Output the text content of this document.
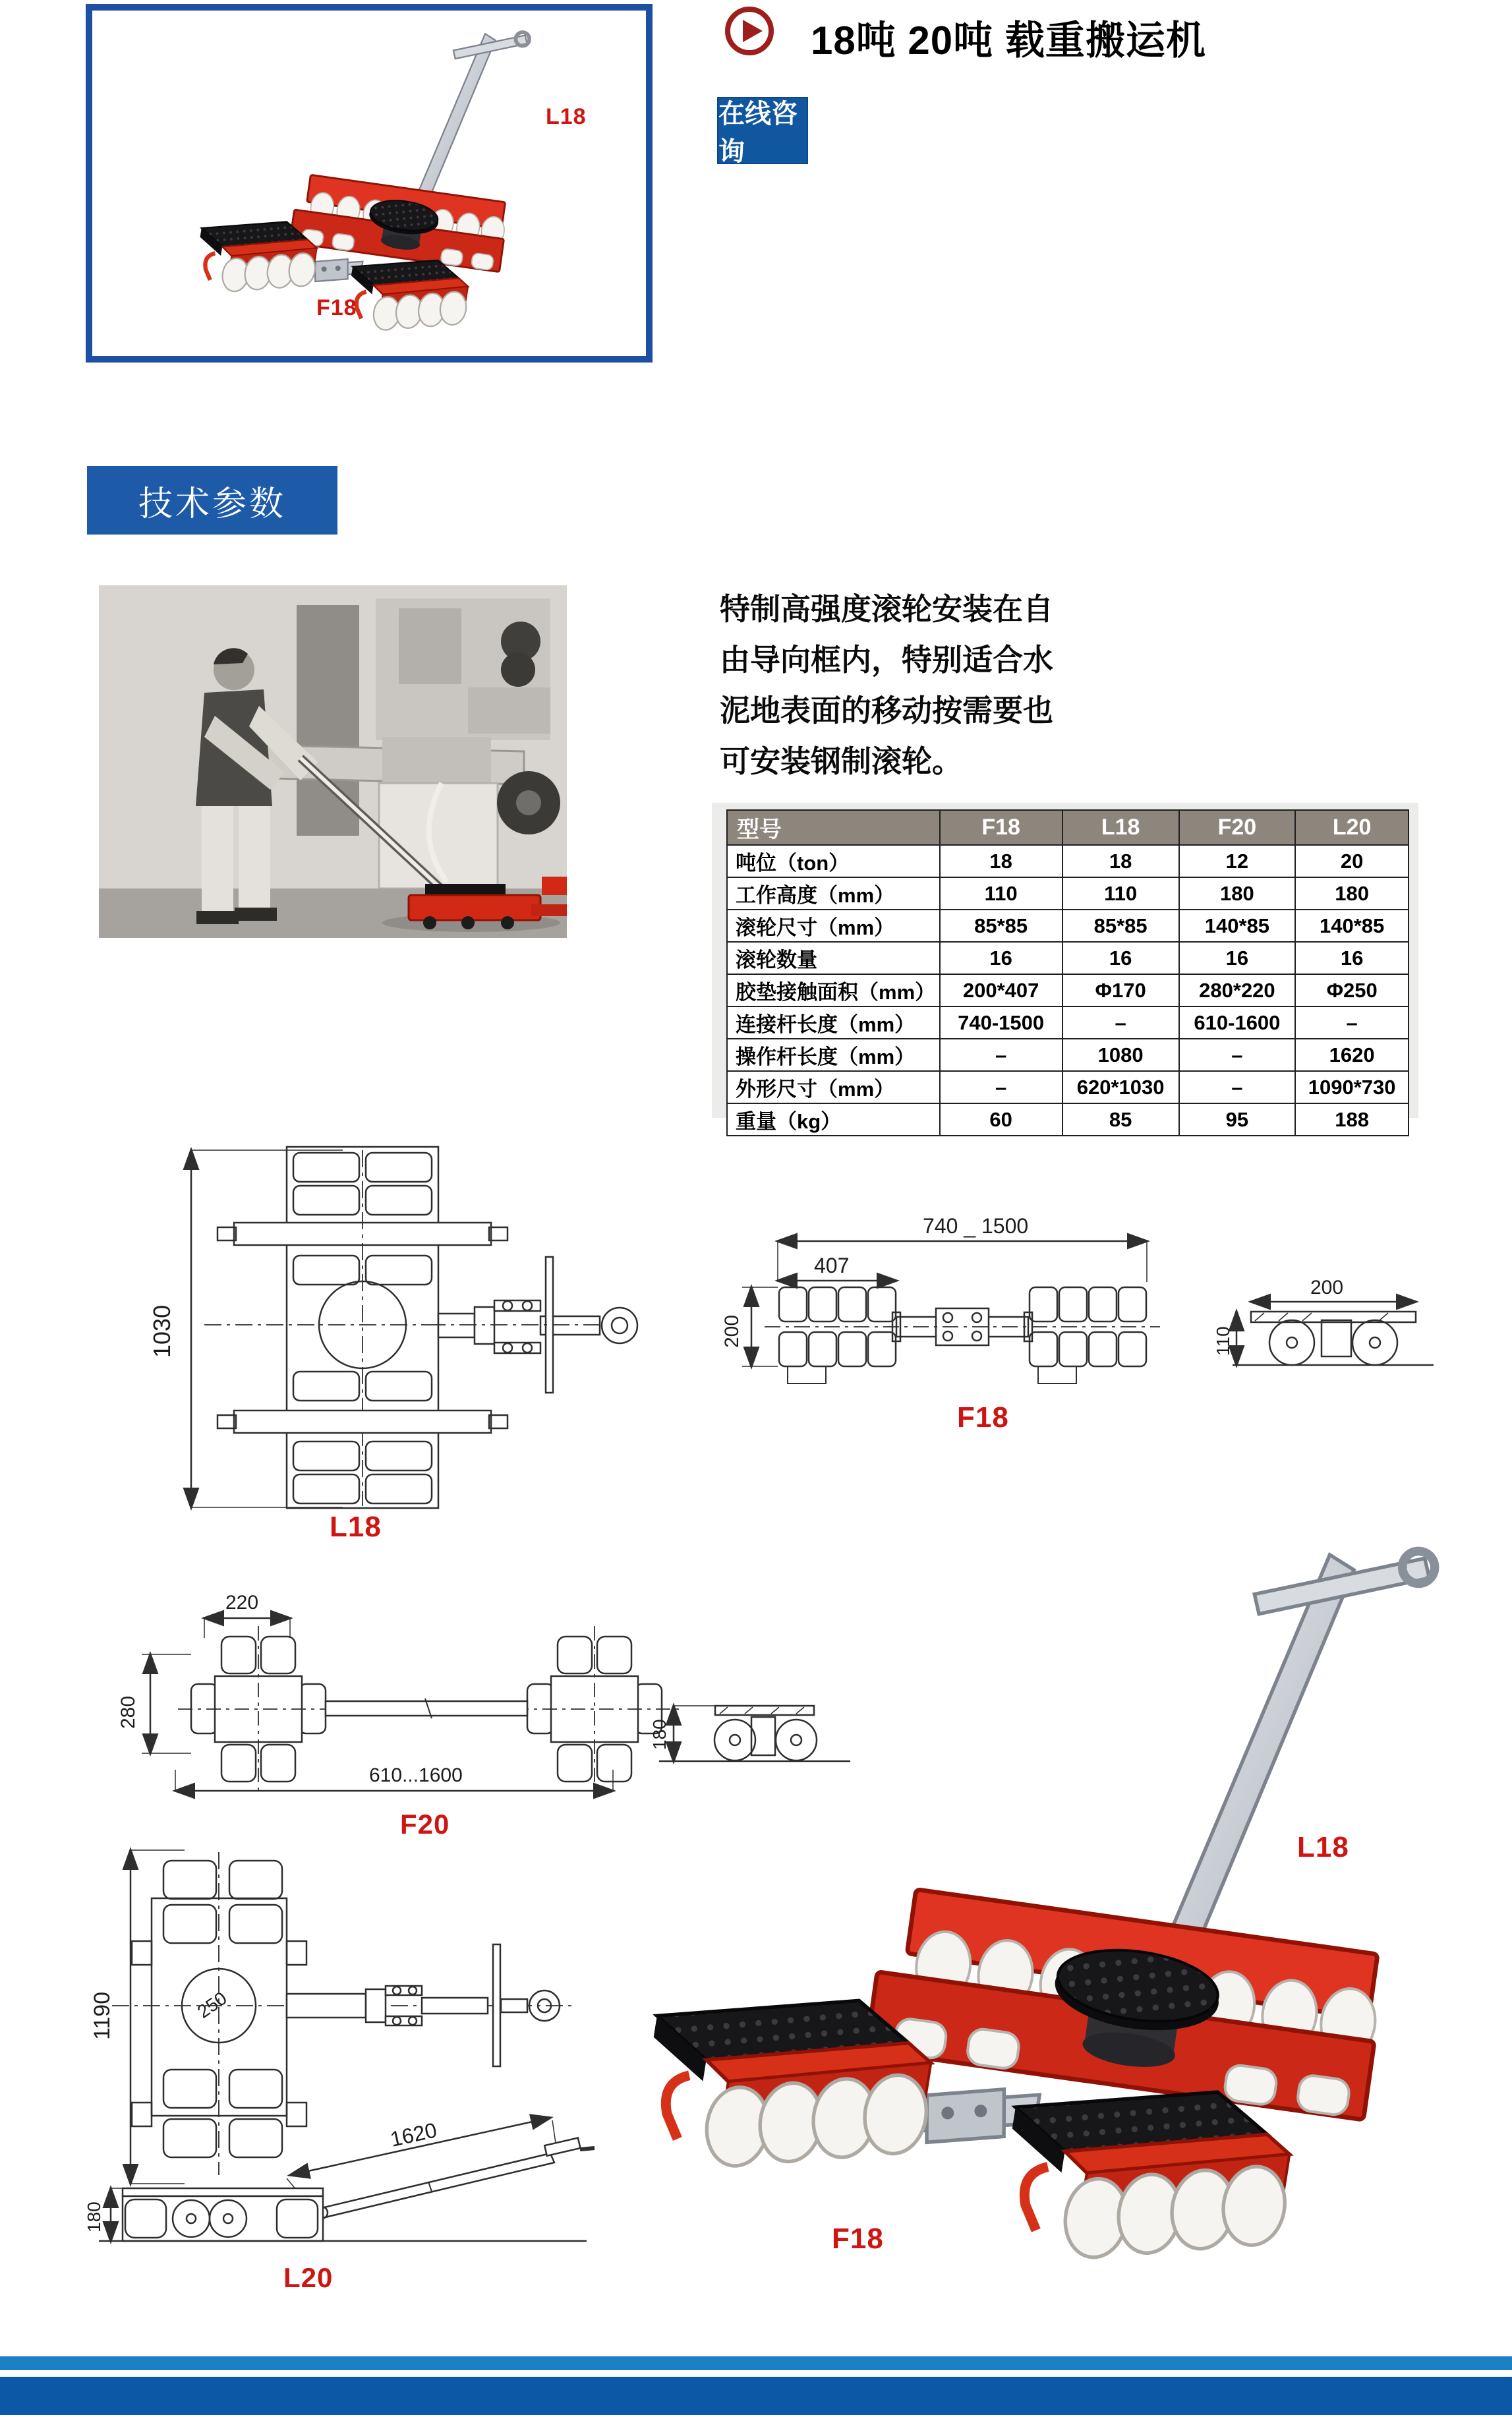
L18
F18
18吨 20吨 载重搬运机
在线咨询
技术参数
特制高强度滚轮安装在自
由导向框内，特别适合水
泥地表面的移动按需要也
可安装钢制滚轮。
型号	F18	L18	F20	L20
吨位（ton）	18	18	12	20
工作高度（mm）	110	110	180	180
滚轮尺寸（mm）	85*85	85*85	140*85	140*85
滚轮数量	16	16	16	16
胶垫接触面积（mm）	200*407	Φ170	280*220	Φ250
连接杆长度（mm）	740-1500	–	610-1600	–
操作杆长度（mm）	–	1080	–	1620
外形尺寸（mm）	–	620*1030	–	1090*730
重量（kg）	60	85	95	188
1030
L18
740 _ 1500
407
200
200
110
F18
220
280
610...1600
F20
180
1190	250
1620
180
L20
L18
F18
